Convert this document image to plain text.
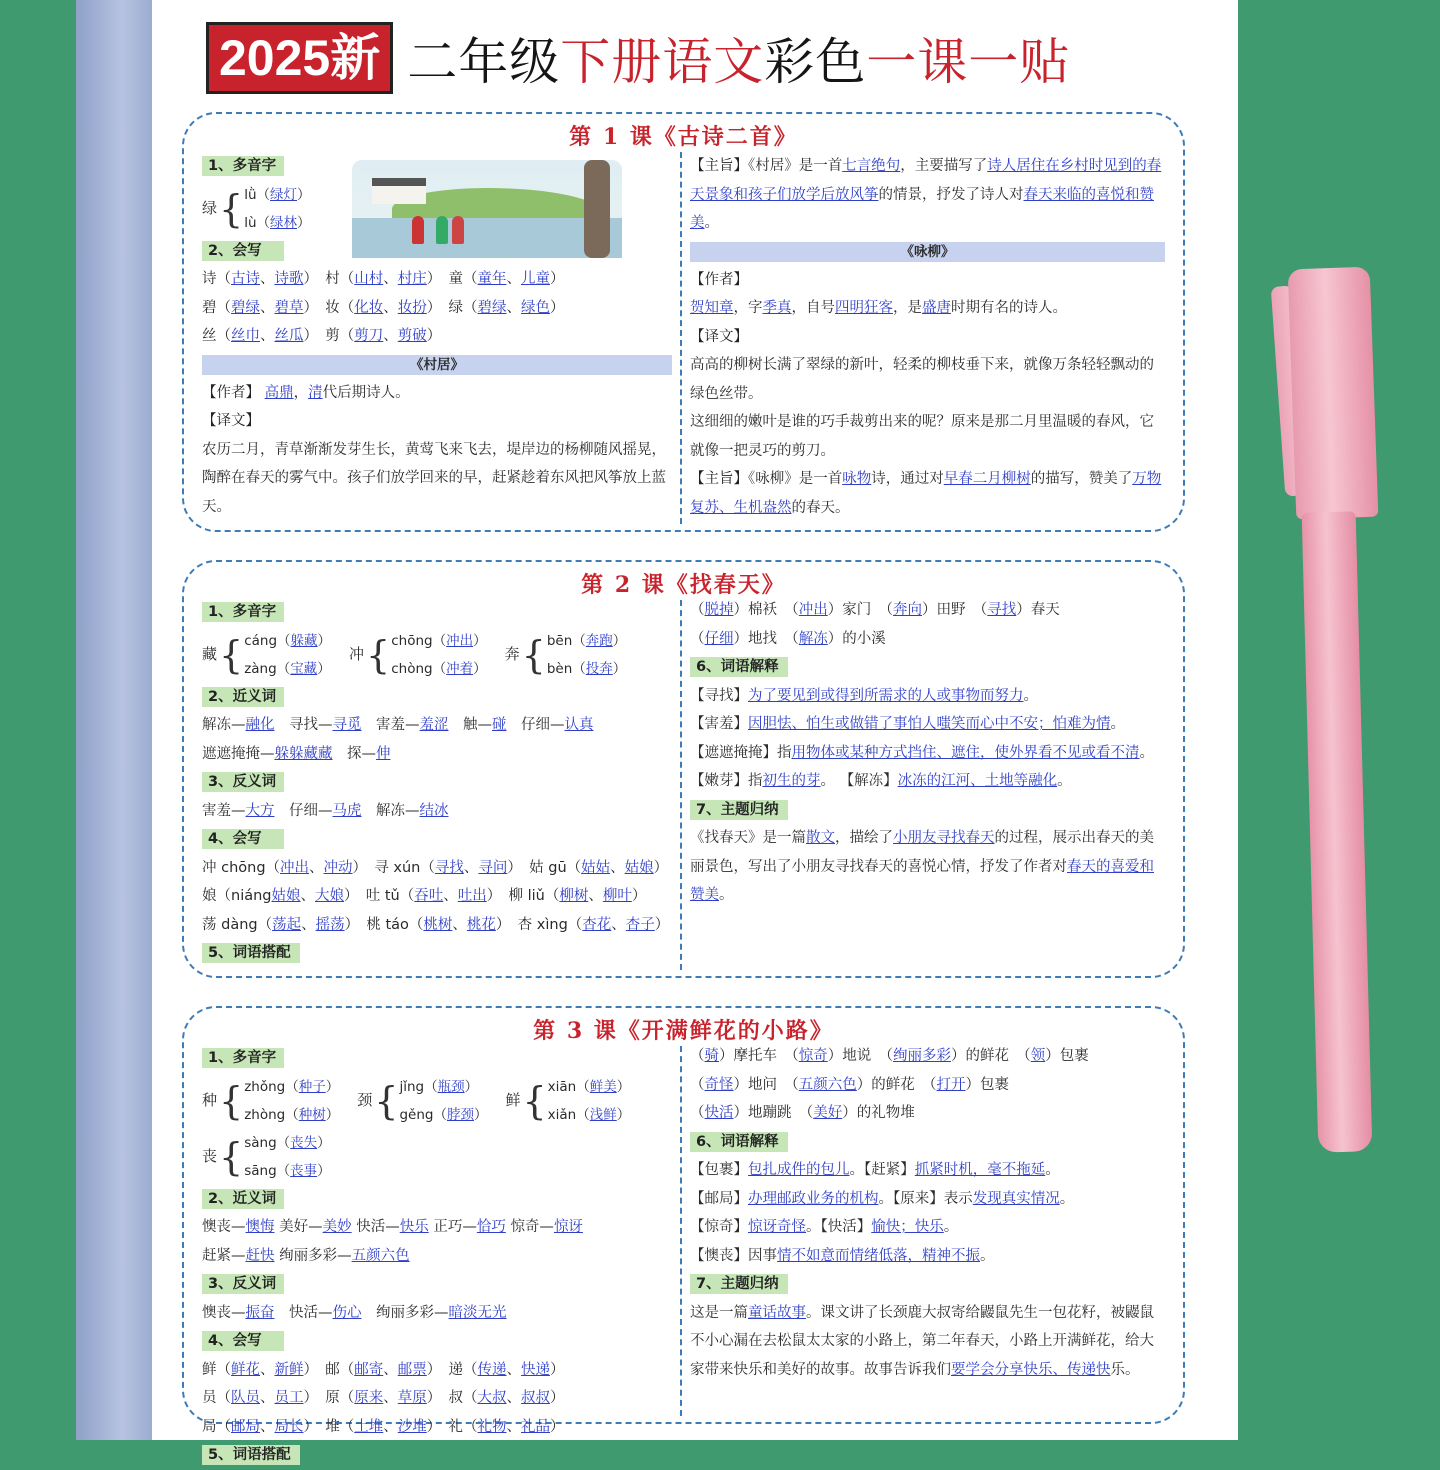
2025新 二年级下册语文彩色一课一贴
第 1 课《古诗二首》
1、多音字
绿 { lǜ（绿灯）
lù（绿林）
2、会写
诗（古诗、诗歌）　村（山村、村庄）　童（童年、儿童）　
碧（碧绿、碧草）　妆（化妆、妆扮）　绿（碧绿、绿色）　
丝（丝巾、丝瓜）　剪（剪刀、剪破）　
《村居》
【作者】 高鼎，清代后期诗人。
【译文】
农历二月，青草渐渐发芽生长，黄莺飞来飞去，堤岸边的杨柳随风摇晃，陶醉在春天的雾气中。孩子们放学回来的早，赶紧趁着东风把风筝放上蓝天。
【主旨】《村居》是一首七言绝句，主要描写了诗人居住在乡村时见到的春天景象和孩子们放学后放风筝的情景，抒发了诗人对春天来临的喜悦和赞美。
《咏柳》
【作者】
贺知章，字季真，自号四明狂客，是盛唐时期有名的诗人。
【译文】
高高的柳树长满了翠绿的新叶，轻柔的柳枝垂下来，就像万条轻轻飘动的绿色丝带。
这细细的嫩叶是谁的巧手裁剪出来的呢？原来是那二月里温暖的春风，它就像一把灵巧的剪刀。
【主旨】《咏柳》是一首咏物诗，通过对早春二月柳树的描写，赞美了万物复苏、生机盎然的春天。
第 2 课《找春天》
1、多音字
藏 { cáng（躲藏）
zàng（宝藏）
冲 { chōng（冲出）
chòng（冲着）
奔 { bēn（奔跑）
bèn（投奔）
2、近义词
解冻—融化　 寻找—寻觅　 害羞—羞涩　 触—碰　 仔细—认真　
遮遮掩掩—躲躲藏藏　 探—伸　
3、反义词
害羞—大方　 仔细—马虎　 解冻—结冰　
4、会写
冲 chōng（冲出、冲动）　寻 xún（寻找、寻问）　姑 gū（姑姑、姑娘）　
娘（niáng姑娘、大娘）　吐 tǔ（吞吐、吐出）　柳 liǔ（柳树、柳叶）　
荡 dàng（荡起、摇荡）　桃 táo（桃树、桃花）　杏 xìng（杏花、杏子）　
5、词语搭配
（脱掉）棉袄　 （冲出）家门　 （奔向）田野　 （寻找）春天　
（仔细）地找　 （解冻）的小溪　
6、词语解释
【寻找】为了要见到或得到所需求的人或事物而努力。
【害羞】因胆怯、怕生或做错了事怕人嗤笑而心中不安；怕难为情。
【遮遮掩掩】指用物体或某种方式挡住、遮住，使外界看不见或看不清。
【嫩芽】指初生的芽。 【解冻】冰冻的江河、土地等融化。
7、主题归纳
《找春天》是一篇散文，描绘了小朋友寻找春天的过程，展示出春天的美丽景色，写出了小朋友寻找春天的喜悦心情，抒发了作者对春天的喜爱和赞美。
第 3 课《开满鲜花的小路》
1、多音字
种 { zhǒng（种子）
zhòng（种树）
颈 { jǐng（瓶颈）
gěng（脖颈）
鲜 { xiān（鲜美）
xiǎn（浅鲜）
丧 { sàng（丧失）
sāng（丧事）
2、近义词
懊丧—懊悔 美好—美妙 快活—快乐 正巧—恰巧 惊奇—惊讶
赶紧—赶快 绚丽多彩—五颜六色
3、反义词
懊丧—振奋　 快活—伤心　 绚丽多彩—暗淡无光　
4、会写
鲜（鲜花、新鲜）　邮（邮寄、邮票）　递（传递、快递）　
员（队员、员工）　原（原来、草原）　叔（大叔、叔叔）　
局（邮局、局长）　堆（土堆、沙堆）　礼（礼物、礼品）　
5、词语搭配
（骑）摩托车　 （惊奇）地说　 （绚丽多彩）的鲜花　 （领）包裹　
（奇怪）地问　 （五颜六色）的鲜花　 （打开）包裹　
（快活）地蹦跳　 （美好）的礼物堆　
6、词语解释
【包裹】包扎成件的包儿。【赶紧】抓紧时机，毫不拖延。
【邮局】办理邮政业务的机构。【原来】表示发现真实情况。
【惊奇】惊讶奇怪。【快活】愉快；快乐。
【懊丧】因事情不如意而情绪低落，精神不振。
7、主题归纳
这是一篇童话故事。课文讲了长颈鹿大叔寄给鼹鼠先生一包花籽，被鼹鼠不小心漏在去松鼠太太家的小路上，第二年春天，小路上开满鲜花，给大家带来快乐和美好的故事。故事告诉我们要学会分享快乐、传递快乐。
